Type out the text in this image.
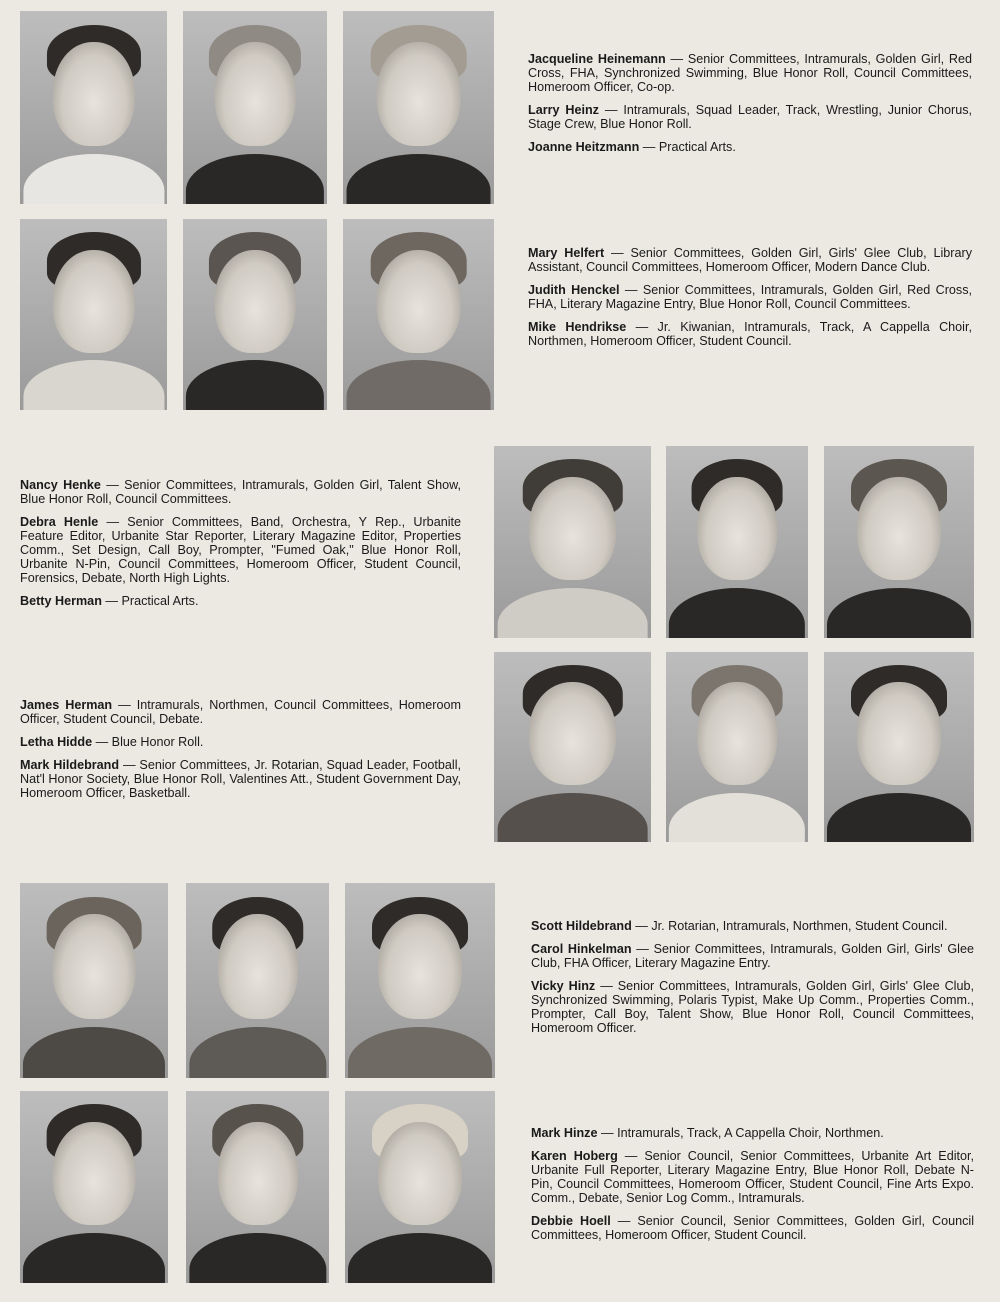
Jacqueline Heinemann — Senior Committees, Intramurals, Golden Girl, Red Cross, FHA, Synchronized Swimming, Blue Honor Roll, Council Committees, Homeroom Officer, Co-op.

Larry Heinz — Intramurals, Squad Leader, Track, Wrestling, Junior Chorus, Stage Crew, Blue Honor Roll.

Joanne Heitzmann — Practical Arts.

Mary Helfert — Senior Committees, Golden Girl, Girls' Glee Club, Library Assistant, Council Committees, Homeroom Officer, Modern Dance Club.

Judith Henckel — Senior Committees, Intramurals, Golden Girl, Red Cross, FHA, Literary Magazine Entry, Blue Honor Roll, Council Committees.

Mike Hendrikse — Jr. Kiwanian, Intramurals, Track, A Cappella Choir, Northmen, Homeroom Officer, Student Council.

Nancy Henke — Senior Committees, Intramurals, Golden Girl, Talent Show, Blue Honor Roll, Council Committees.

Debra Henle — Senior Committees, Band, Orchestra, Y Rep., Urbanite Feature Editor, Urbanite Star Reporter, Literary Magazine Editor, Properties Comm., Set Design, Call Boy, Prompter, "Fumed Oak," Blue Honor Roll, Urbanite N-Pin, Council Committees, Homeroom Officer, Student Council, Forensics, Debate, North High Lights.

Betty Herman — Practical Arts.

James Herman — Intramurals, Northmen, Council Committees, Homeroom Officer, Student Council, Debate.

Letha Hidde — Blue Honor Roll.

Mark Hildebrand — Senior Committees, Jr. Rotarian, Squad Leader, Football, Nat'l Honor Society, Blue Honor Roll, Valentines Att., Student Government Day, Homeroom Officer, Basketball.

Scott Hildebrand — Jr. Rotarian, Intramurals, Northmen, Student Council.

Carol Hinkelman — Senior Committees, Intramurals, Golden Girl, Girls' Glee Club, FHA Officer, Literary Magazine Entry.

Vicky Hinz — Senior Committees, Intramurals, Golden Girl, Girls' Glee Club, Synchronized Swimming, Polaris Typist, Make Up Comm., Properties Comm., Prompter, Call Boy, Talent Show, Blue Honor Roll, Council Committees, Homeroom Officer.

Mark Hinze — Intramurals, Track, A Cappella Choir, Northmen.

Karen Hoberg — Senior Council, Senior Committees, Urbanite Art Editor, Urbanite Full Reporter, Literary Magazine Entry, Blue Honor Roll, Debate N-Pin, Council Committees, Homeroom Officer, Student Council, Fine Arts Expo. Comm., Debate, Senior Log Comm., Intramurals.

Debbie Hoell — Senior Council, Senior Committees, Golden Girl, Council Committees, Homeroom Officer, Student Council.
